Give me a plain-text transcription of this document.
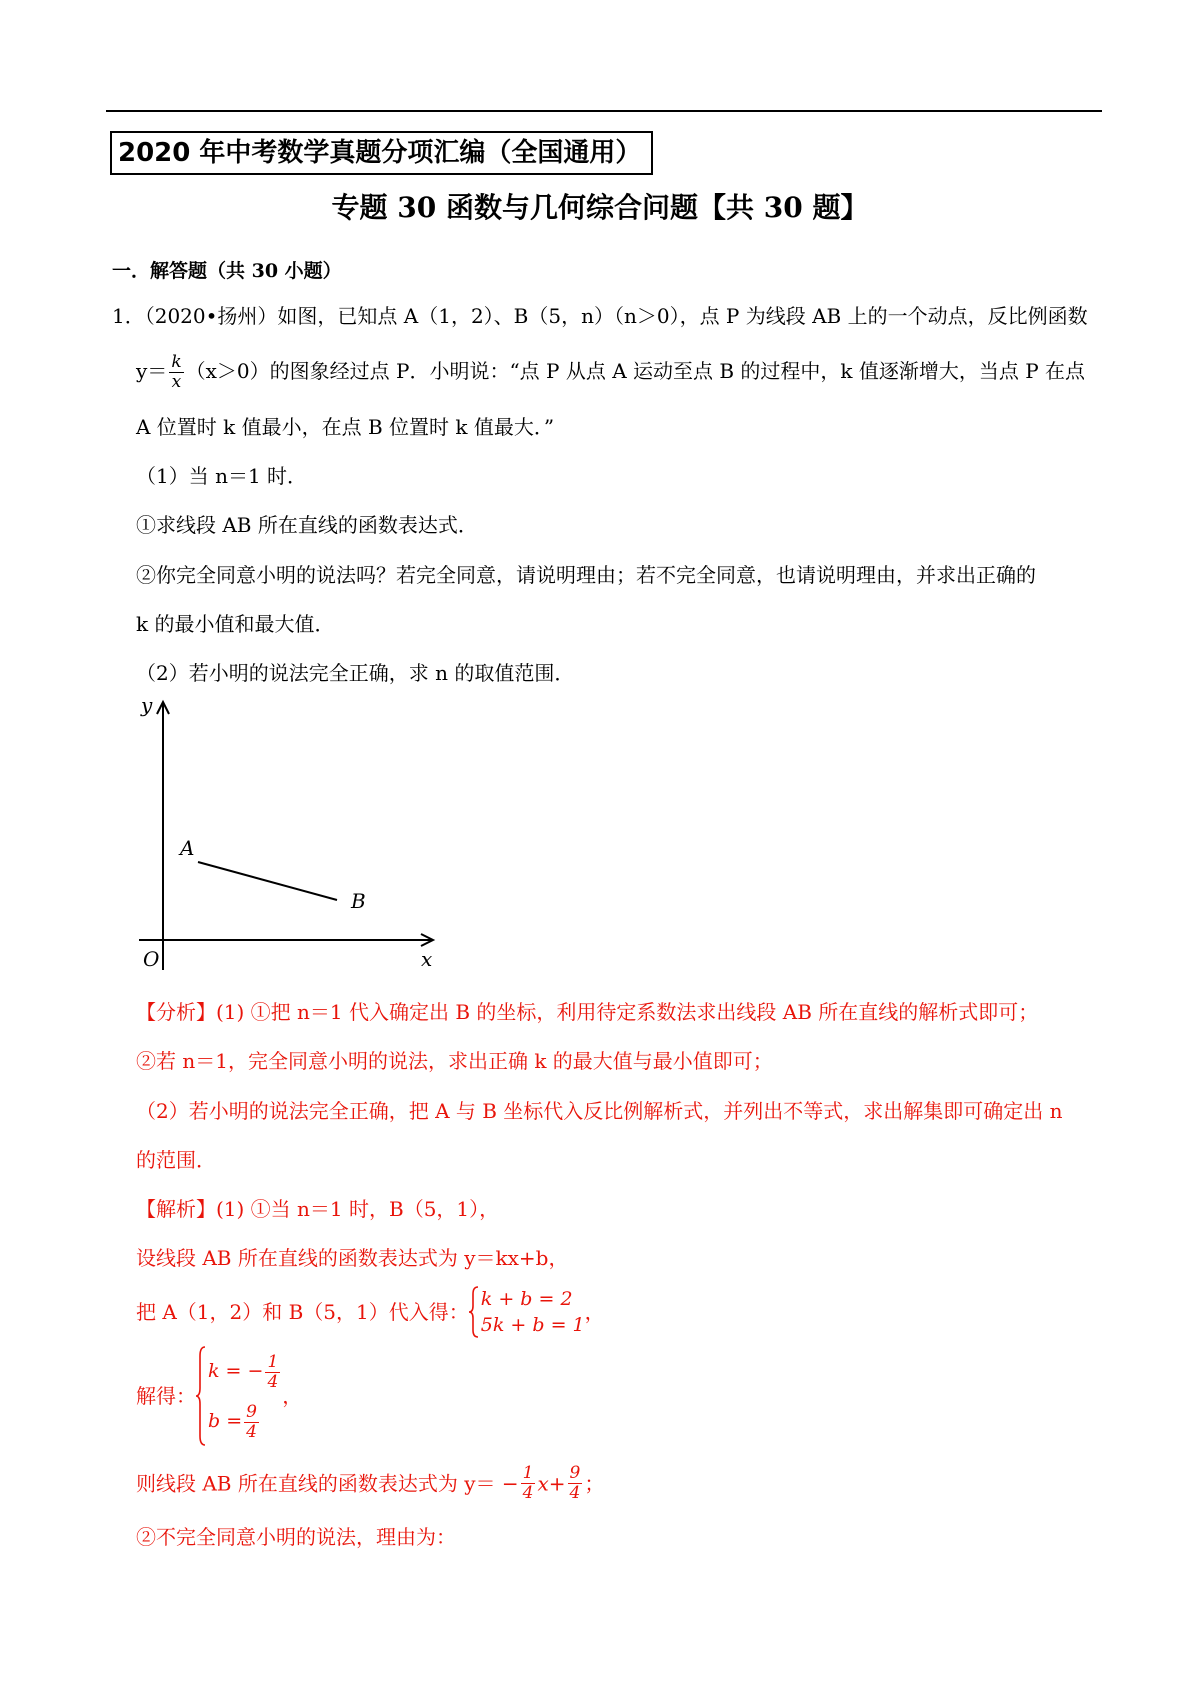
2020 年中考数学真题分项汇编（全国通用）
专题 30 函数与几何综合问题【共 30 题】
一．解答题（共 30 小题）
1．（2020•扬州）如图，已知点 A（1，2）、B（5，n）（n＞0），点 P 为线段 AB 上的一个动点，反比例函数
$y= \frac{k}{x} (x>0)$的图象经过点 P．小明说：“点 P 从点 A 运动至点 B 的过程中，k 值逐渐增大，当点 P 在点
A 位置时 k 值最小，在点 B 位置时 k 值最大．”
（1）当 n＝1 时．
①求线段 AB 所在直线的函数表达式．
②你完全同意小明的说法吗？若完全同意，请说明理由；若不完全同意，也请说明理由，并求出正确的
k 的最小值和最大值．
（2）若小明的说法完全正确，求 n 的取值范围．
y
x
O
A
B
【分析】(1) ①把 n＝1 代入确定出 B 的坐标，利用待定系数法求出线段 AB 所在直线的解析式即可；
②若 n＝1，完全同意小明的说法，求出正确 k 的最大值与最小值即可；
（2）若小明的说法完全正确，把 A 与 B 坐标代入反比例解析式，并列出不等式，求出解集即可确定出 n
的范围．
【解析】(1) ①当 n＝1 时，B（5，1），
设线段 AB 所在直线的函数表达式为 y＝kx+b，
把 A（1，2）和 B（5，1）代入得：
k + b = 2
5k + b = 1
，
解得：
k = − $\frac{1}{4}$
$b = \frac{9}{4}$
，
则线段 AB 所在直线的函数表达式为 $y= - \frac{1}{4} x+ \frac{9}{4}$ ；
②不完全同意小明的说法，理由为：
